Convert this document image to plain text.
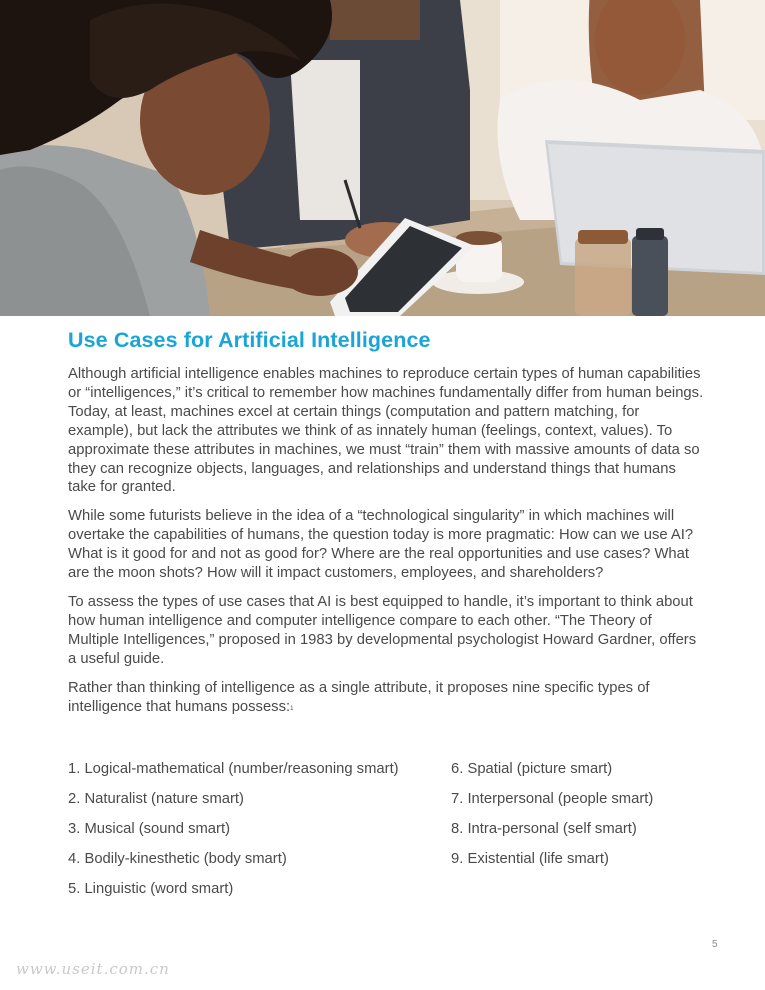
Use Cases for Artificial Intelligence

Although artificial intelligence enables machines to reproduce certain types of human capabilities or “intelligences,” it’s critical to remember how machines fundamentally differ from human beings. Today, at least, machines excel at certain things (computation and pattern matching, for example), but lack the attributes we think of as innately human (feelings, context, values). To approximate these attributes in machines, we must “train” them with massive amounts of data so they can recognize objects, languages, and relationships and understand things that humans take for granted.

While some futurists believe in the idea of a “technological singularity” in which machines will overtake the capabilities of humans, the question today is more pragmatic: How can we use AI? What is it good for and not as good for? Where are the real opportunities and use cases? What are the moon shots? How will it impact customers, employees, and shareholders?

To assess the types of use cases that AI is best equipped to handle, it’s important to think about how human intelligence and computer intelligence compare to each other. “The Theory of Multiple Intelligences,” proposed in 1983 by developmental psychologist Howard Gardner, offers a useful guide.

Rather than thinking of intelligence as a single attribute, it proposes nine specific types of intelligence that humans possess:$^1$

1. Logical-mathematical (number/reasoning smart)	6. Spatial (picture smart)
2. Naturalist (nature smart)	7. Interpersonal (people smart)
3. Musical (sound smart)	8. Intra-personal (self smart)
4. Bodily-kinesthetic (body smart)	9. Existential (life smart)
5. Linguistic (word smart)
5
www.useit.com.cn
